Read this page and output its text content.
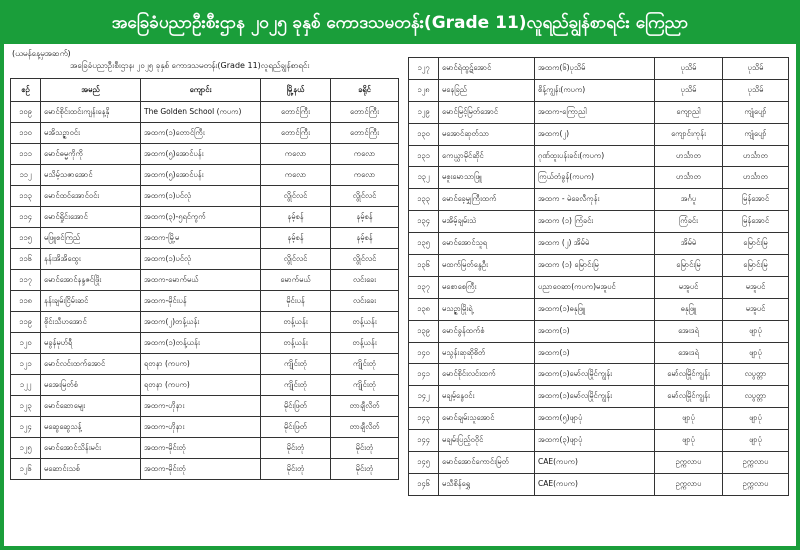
အခြေခံပညာဦးစီးဌာန ၂၀၂၅ ခုနှစ် ကောဒသမတန်း(Grade 11)လူရည်ချွန်စာရင်း ကြေညာ
(ယမန်နေ့မှအဆက်)
အခြေခံပညာဦးစီးဌာန၊ ၂၀၂၅ ခုနှစ် ကောဒသမတန်း(Grade 11)လူရည်ချွန်စာရင်း
စဉ်	အမည်	ကျောင်း	မြို့နယ်	ခရိုင်
၁၀၉	မောင်စိုင်းထင်းကျန်းနေ့နို	The Golden School (ကပက)	တောင်ကြီး	တောင်ကြီး
၁၁၀	မအိသဉ္ဇာဝင်း	အထက(၁)တောင်ကြီး	တောင်ကြီး	တောင်ကြီး
၁၁၁	မောင်ဓမ္မကိုကို	အထက(၅)အောင်ပန်း	ကလော	ကလော
၁၁၂	မသိမ့်သဇာအောင်	အထက(၅)အောင်ပန်း	ကလော	ကလော
၁၁၃	မောင်ထင်အောင်ဝင်း	အထက(၁)ပင်လုံ	လွိုင်လင်	လွိုင်လင်
၁၁၄	မောင်ရှိုင်းအောင်	အထက(၃)-၅ရင်ကွက်	နမ့်စန်	နမ့်စန်
၁၁၅	မဖြူစင်ကြည်	အထက-မြို့မ	နမ့်စန်	နမ့်စန်
၁၁၆	နန်းအိအိထွေး	အထက(၁)ပင်လုံ	လွိုင်လင်	လွိုင်လင်
၁၁၇	မောင်အောင်နန္ဒဇင်ဖြိုး	အထက-မောက်မယ်	မောက်မယ်	လင်းခေး
၁၁၈	နန်းချမ်းငြိမ်းဆင်	အထက-မိုင်းပန်	မိုင်းပန်	လင်းခေး
၁၁၉	စိုင်းသီဟအောင်	အထက(၂)တန့်ယန်း	တန့်ယန်း	တန့်ယန်း
၁၂၀	မခွန်မုဟ်ရီ	အထက(၁)တန့်ယန်း	တန့်ယန်း	တန့်ယန်း
၁၂၁	မောင်လင်းထက်အောင်	ရတနာ (ကပက)	ကျိုင်းတုံ	ကျိုင်းတုံ
၁၂၂	မအေးမြတ်စံ	ရတနာ (ကပက)	ကျိုင်းတုံ	ကျိုင်းတုံ
၁၂၃	မောင်ဆောမျေး	အထက-ဟိုနား	မိုင်းဖြတ်	တာချီလိတ်
၁၂၄	မဆွေဆွေသန့်	အထက-ဟိုနား	မိုင်းဖြတ်	တာချီလိတ်
၁၂၅	မောင်အောင်သိန်းမင်း	အထက-မိုင်းတုံ	မိုင်းတုံ	မိုင်းတုံ
၁၂၆	မဆောင်းသစ်	အထက-မိုင်းတုံ	မိုင်းတုံ	မိုင်းတုံ
၁၂၇	မောင်ရဲထွဋ်အောင်	အထက(၆)ပုသိမ်	ပုသိမ်	ပုသိမ်
၁၂၈	မနေခြည်	စိန့်ကျွန်း(ကပက)	ပုသိမ်	ပုသိမ်
၁၂၉	မောင်မြင့်မြတ်အောင်	အထက-ကြောညါ	ကျောညါ	ကျုံပျော်
၁၃၀	မအောင်ဆုတ်သာ	အထက(၂)	ကျောင်းကုန်း	ကျုံပျော်
၁၃၁	ကေယ္ယာမိုင်ဆိုင်	ဂုဏ်ထူးပန်းခင်း(ကပက)	ဟင်္သာတ	ဟင်္သာတ
၁၃၂	မစူးမောသာဖြူ	ကြယ်တံခွန်(ကပက)	ဟင်္သာတ	ဟင်္သာတ
၁၃၃	မောင်ခေ့မျှကြီးထက်	အထက - မဲခေလီကုန်း	အင်္ဂပူ	မြန်အောင်
၁၃၄	မအိမ့်ချမ်းသဲ	အထက (၁) ကြံခင်း	ကြံခင်း	မြန်အောင်
၁၃၅	မောင်အောင်သူရ	အထက (၂) အိမ်မဲ	အိမ်မဲ	မြောင်းမြ
၁၃၆	မထက်မြတ်နွေဦး	အထက (၁) မြောင်းမြ	မြောင်းမြ	မြောင်းမြ
၁၃၇	မစောစေကြီး	ပညာဝေဆာ(ကပက)မအူပင်	မအူပင်	မအူပင်
၁၃၈	မသဉ္ဇာမြိုးရဲ့	အထက(၁)ဓနုဖြူ	ဓနုဖြူ	မအူပင်
၁၃၉	မောင်ခွန်ထက်စံ	အထက(၁)	အေးဒရဲ	ဖျာပုံ
၁၄၀	မသွန်းဆုဆိုစိတ်	အထက(၁)	အေးဒရဲ	ဖျာပုံ
၁၄၁	မောင်စိုင်းလင်းထက်	အထက(၁)မော်လမြိုင်ကျွန်း	မော်လမြိုင်ကျွန်း	လပွတ္တာ
၁၄၂	မချမ့်နွေဝင်း	အထက(၁)မော်လမြိုင်ကျွန်း	မော်လမြိုင်ကျွန်း	လပွတ္တာ
၁၄၃	မောင်ချမ်းသူအောင်	အထက(၅)ဖျာပုံ	ဖျာပုံ	ဖျာပုံ
၁၄၄	မချမ်းပြည့်ဝဝိုင်	အထက(၃)ဖျာပုံ	ဖျာပုံ	ဖျာပုံ
၁၄၅	မောင်အောင်ကောင်းမြတ်	CAE(ကပက)	ဥက္ကလာပ	ဥက္ကလာပ
၁၄၆	မသီစိန်ရွှေ	CAE(ကပက)	ဥက္ကလာပ	ဥက္ကလာပ
